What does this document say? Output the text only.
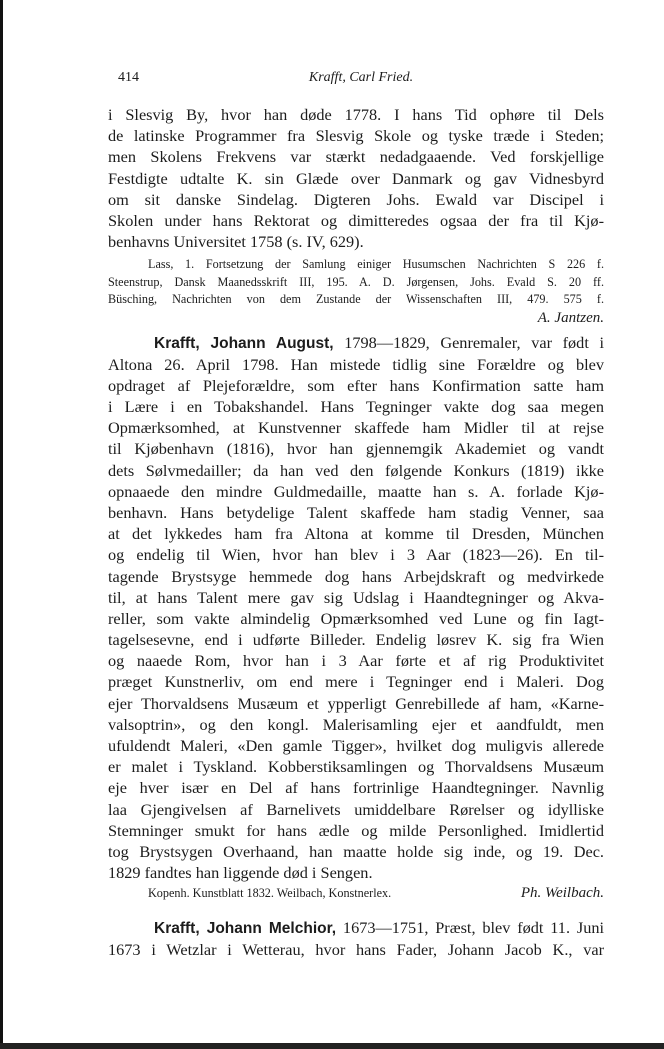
414	Krafft, Carl Fried.
i Slesvig By, hvor han døde 1778. I hans Tid ophøre til Dels
de latinske Programmer fra Slesvig Skole og tyske træde i Steden;
men Skolens Frekvens var stærkt nedadgaaende. Ved forskjellige
Festdigte udtalte K. sin Glæde over Danmark og gav Vidnesbyrd
om sit danske Sindelag. Digteren Johs. Ewald var Discipel i
Skolen under hans Rektorat og dimitteredes ogsaa der fra til Kjø-
benhavns Universitet 1758 (s. IV, 629).
Lass, 1. Fortsetzung der Samlung einiger Husumschen Nachrichten S 226 f.
Steenstrup, Dansk Maanedsskrift III, 195. A. D. Jørgensen, Johs. Evald S. 20 ff.
Büsching, Nachrichten von dem Zustande der Wissenschaften III, 479. 575 f.
A. Jantzen.
Krafft, Johann August, 1798—1829, Genremaler, var født i
Altona 26. April 1798. Han mistede tidlig sine Forældre og blev
opdraget af Plejeforældre, som efter hans Konfirmation satte ham
i Lære i en Tobakshandel. Hans Tegninger vakte dog saa megen
Opmærksomhed, at Kunstvenner skaffede ham Midler til at rejse
til Kjøbenhavn (1816), hvor han gjennemgik Akademiet og vandt
dets Sølvmedailler; da han ved den følgende Konkurs (1819) ikke
opnaaede den mindre Guldmedaille, maatte han s. A. forlade Kjø-
benhavn. Hans betydelige Talent skaffede ham stadig Venner, saa
at det lykkedes ham fra Altona at komme til Dresden, München
og endelig til Wien, hvor han blev i 3 Aar (1823—26). En til-
tagende Brystsyge hemmede dog hans Arbejdskraft og medvirkede
til, at hans Talent mere gav sig Udslag i Haandtegninger og Akva-
reller, som vakte almindelig Opmærksomhed ved Lune og fin Iagt-
tagelsesevne, end i udførte Billeder. Endelig løsrev K. sig fra Wien
og naaede Rom, hvor han i 3 Aar førte et af rig Produktivitet
præget Kunstnerliv, om end mere i Tegninger end i Maleri. Dog
ejer Thorvaldsens Musæum et ypperligt Genrebillede af ham, «Karne-
valsoptrin», og den kongl. Malerisamling ejer et aandfuldt, men
ufuldendt Maleri, «Den gamle Tigger», hvilket dog muligvis allerede
er malet i Tyskland. Kobberstiksamlingen og Thorvaldsens Musæum
eje hver især en Del af hans fortrinlige Haandtegninger. Navnlig
laa Gjengivelsen af Barnelivets umiddelbare Rørelser og idylliske
Stemninger smukt for hans ædle og milde Personlighed. Imidlertid
tog Brystsygen Overhaand, han maatte holde sig inde, og 19. Dec.
1829 fandtes han liggende død i Sengen.
Kopenh. Kunstblatt 1832. Weilbach, Konstnerlex.	Ph. Weilbach.
Krafft, Johann Melchior, 1673—1751, Præst, blev født 11. Juni
1673 i Wetzlar i Wetterau, hvor hans Fader, Johann Jacob K., var
